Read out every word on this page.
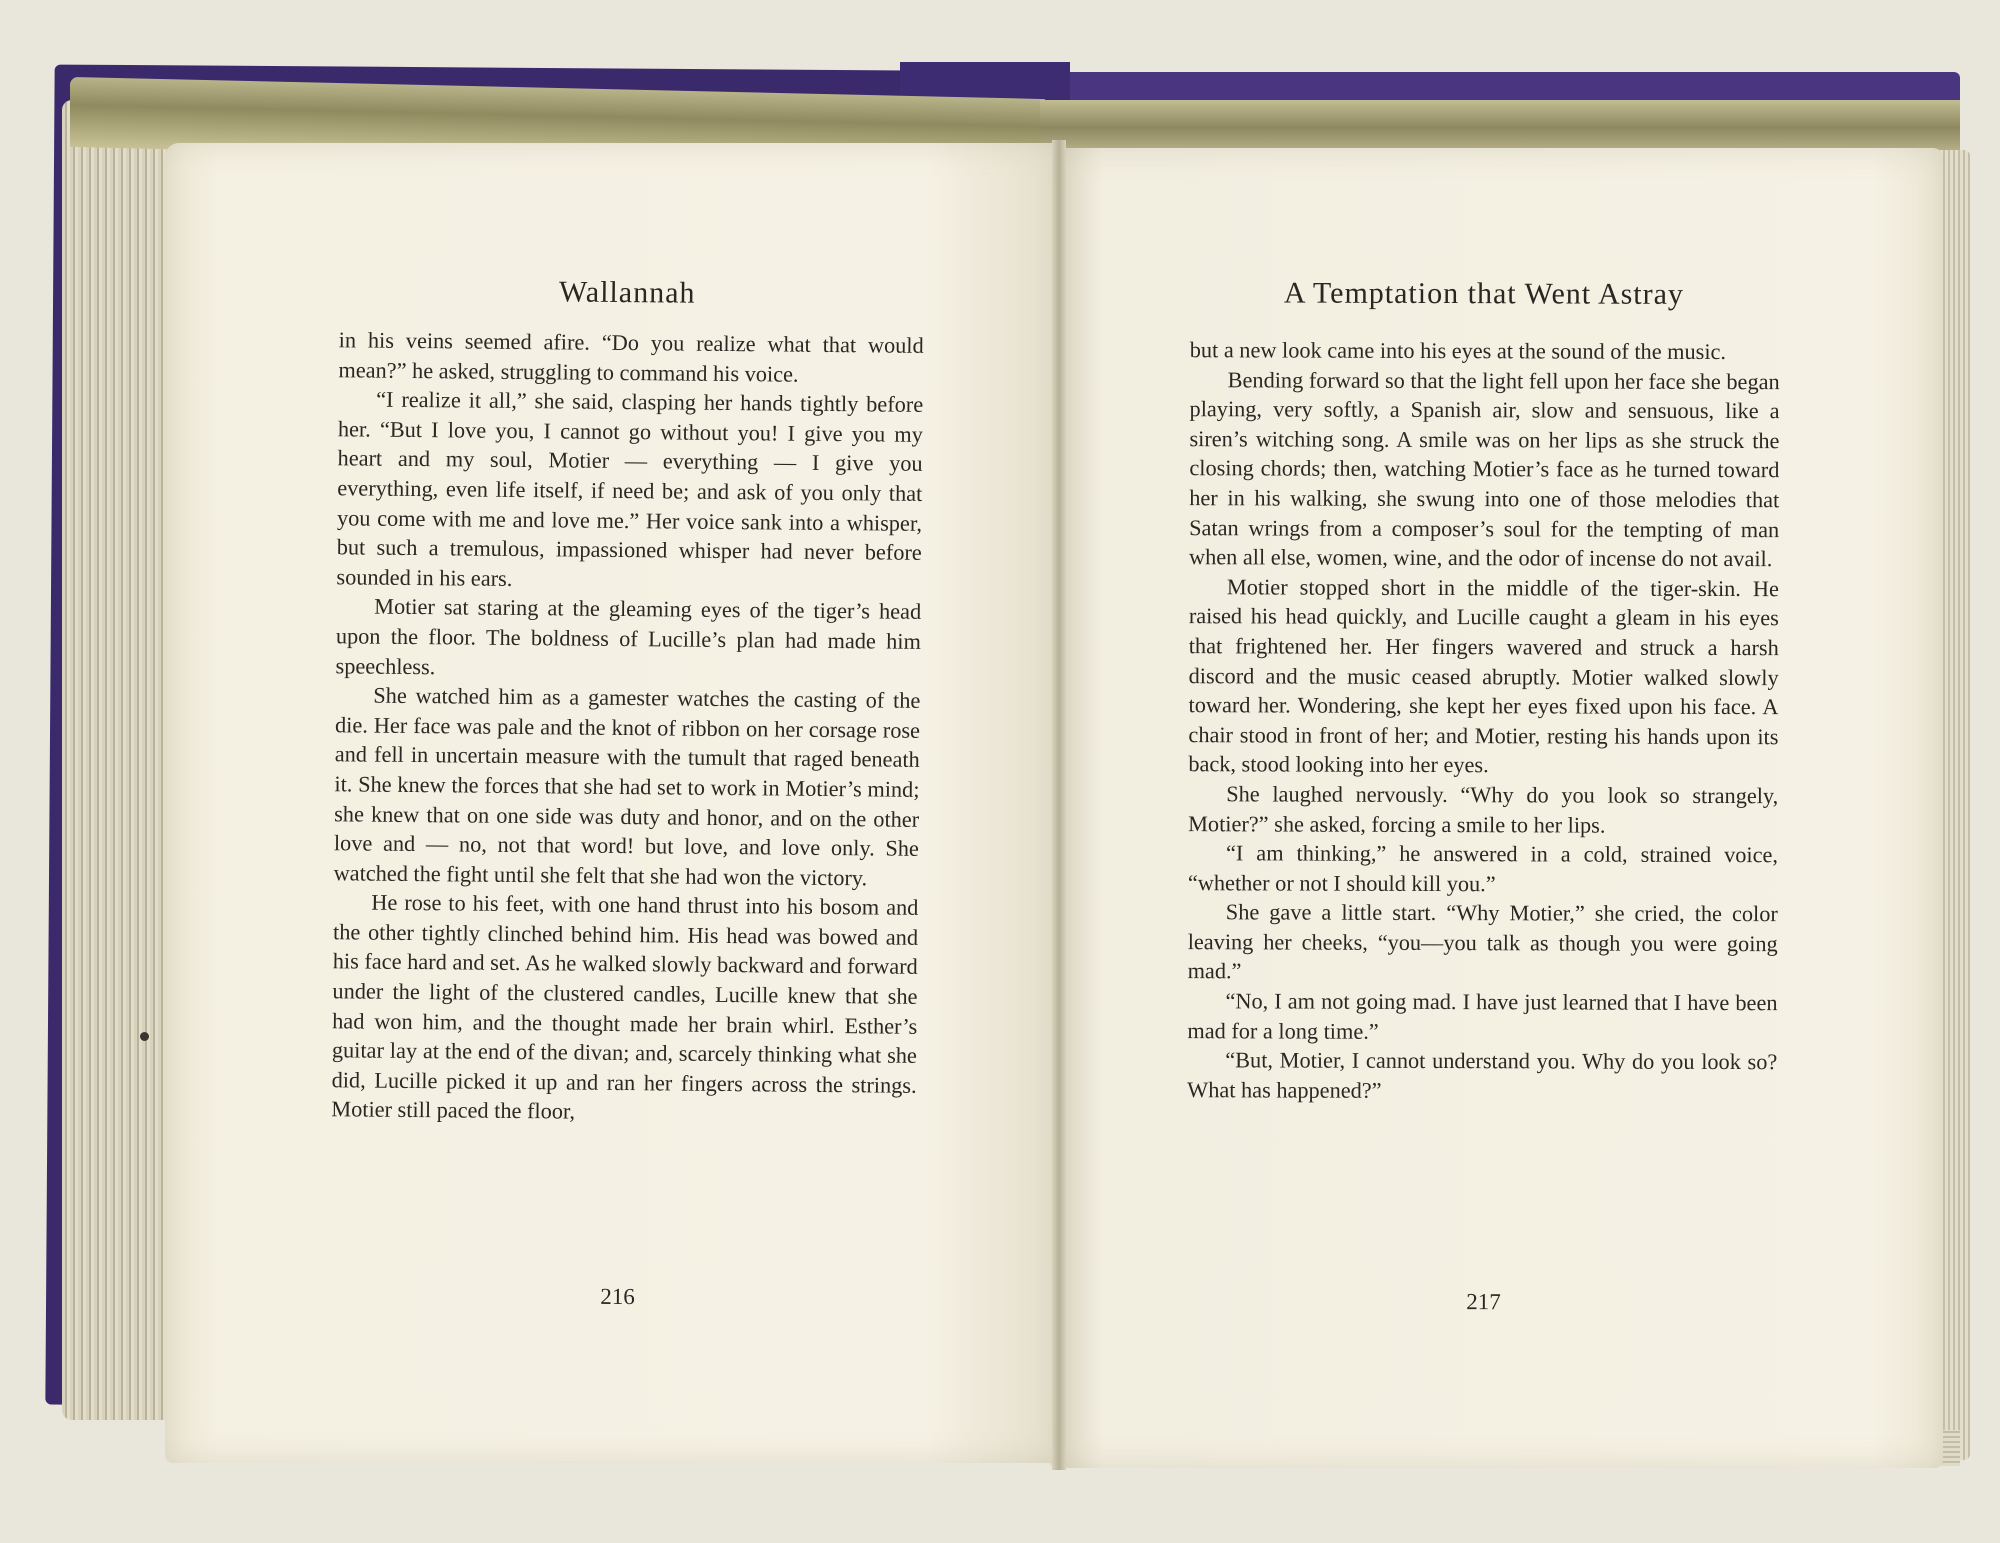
Wallannah

in his veins seemed afire. “Do you realize what that would mean?” he asked, struggling to command his voice.

“I realize it all,” she said, clasping her hands tightly before her. “But I love you, I cannot go without you! I give you my heart and my soul, Motier — everything — I give you everything, even life itself, if need be; and ask of you only that you come with me and love me.” Her voice sank into a whisper, but such a tremulous, impassioned whisper had never before sounded in his ears.

Motier sat staring at the gleaming eyes of the tiger’s head upon the floor. The boldness of Lucille’s plan had made him speechless.

She watched him as a gamester watches the casting of the die. Her face was pale and the knot of ribbon on her corsage rose and fell in uncertain measure with the tumult that raged beneath it. She knew the forces that she had set to work in Motier’s mind; she knew that on one side was duty and honor, and on the other love and — no, not that word! but love, and love only. She watched the fight until she felt that she had won the victory.

He rose to his feet, with one hand thrust into his bosom and the other tightly clinched behind him. His head was bowed and his face hard and set. As he walked slowly backward and forward under the light of the clustered candles, Lucille knew that she had won him, and the thought made her brain whirl. Esther’s guitar lay at the end of the divan; and, scarcely thinking what she did, Lucille picked it up and ran her fingers across the strings. Motier still paced the floor,

216
A Temptation that Went Astray

but a new look came into his eyes at the sound of the music.

Bending forward so that the light fell upon her face she began playing, very softly, a Spanish air, slow and sensuous, like a siren’s witching song. A smile was on her lips as she struck the closing chords; then, watching Motier’s face as he turned toward her in his walking, she swung into one of those melodies that Satan wrings from a composer’s soul for the tempting of man when all else, women, wine, and the odor of incense do not avail.

Motier stopped short in the middle of the tiger-skin. He raised his head quickly, and Lucille caught a gleam in his eyes that frightened her. Her fingers wavered and struck a harsh discord and the music ceased abruptly. Motier walked slowly toward her. Wondering, she kept her eyes fixed upon his face. A chair stood in front of her; and Motier, resting his hands upon its back, stood looking into her eyes.

She laughed nervously. “Why do you look so strangely, Motier?” she asked, forcing a smile to her lips.

“I am thinking,” he answered in a cold, strained voice, “whether or not I should kill you.”

She gave a little start. “Why Motier,” she cried, the color leaving her cheeks, “you—you talk as though you were going mad.”

“No, I am not going mad. I have just learned that I have been mad for a long time.”

“But, Motier, I cannot understand you. Why do you look so? What has happened?”

217
